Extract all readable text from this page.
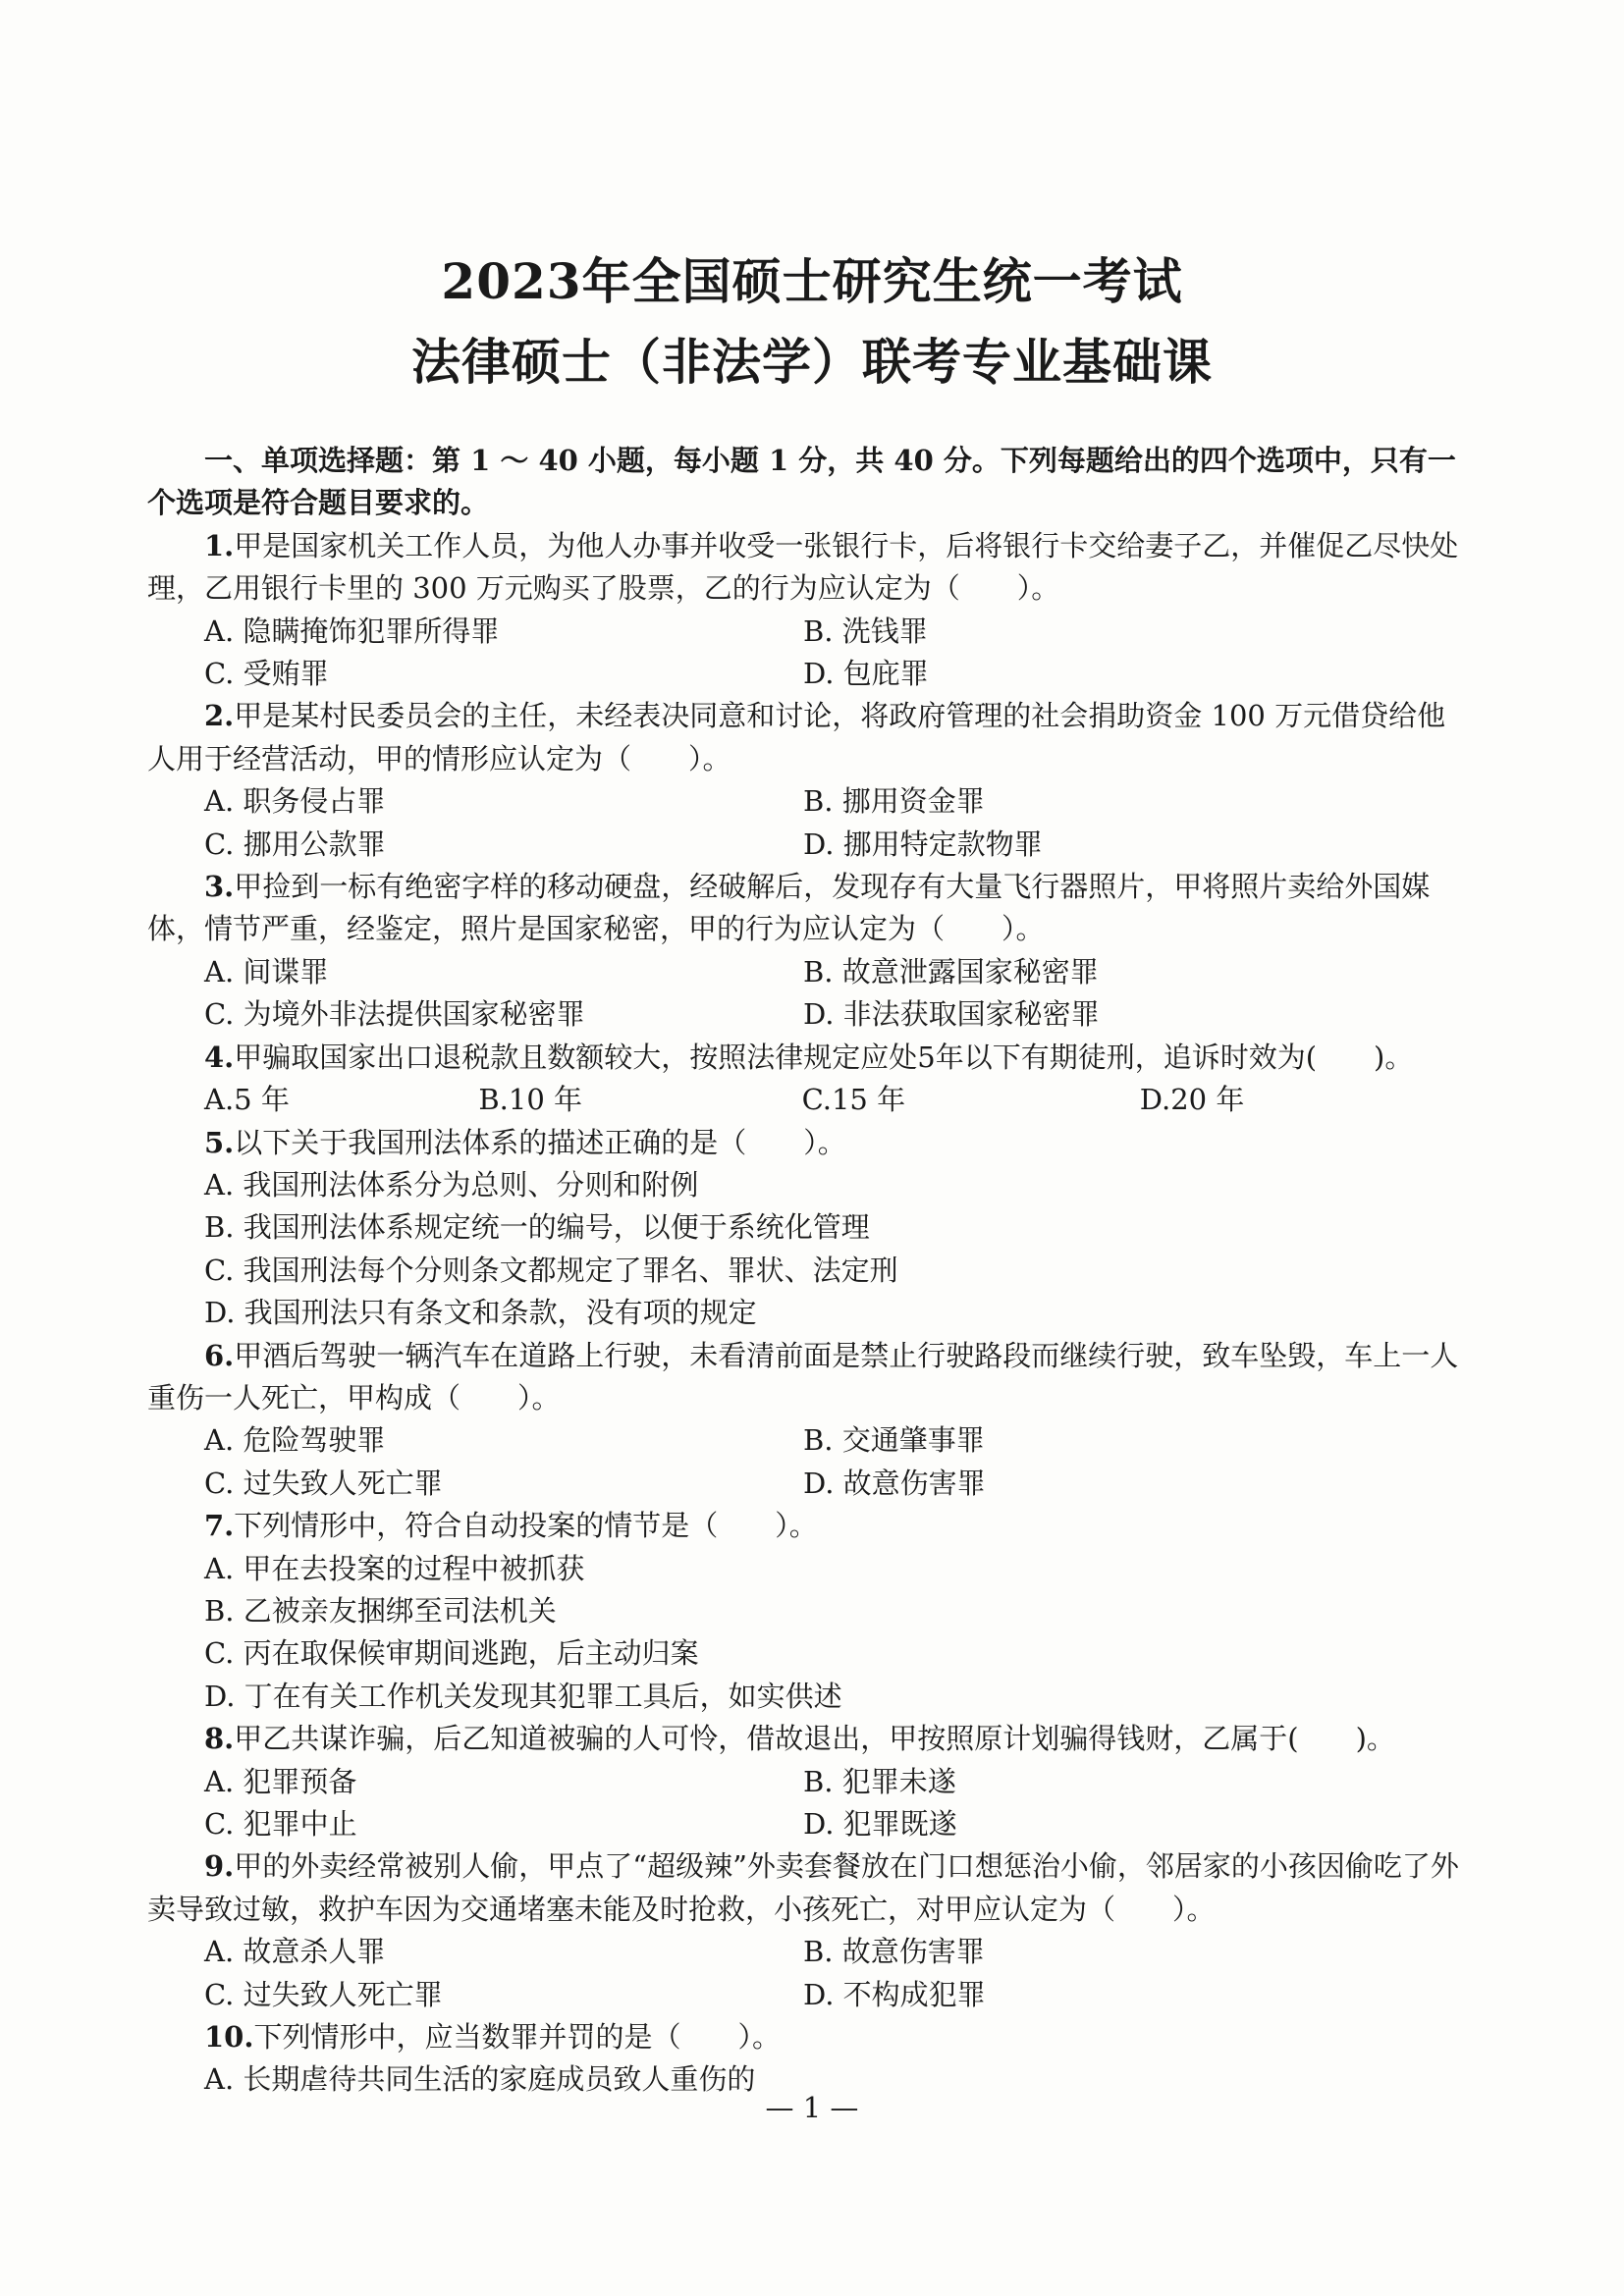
2023年全国硕士研究生统一考试

法律硕士（非法学）联考专业基础课

一、单项选择题：第 1 ～ 40 小题，每小题 1 分，共 40 分。下列每题给出的四个选项中，只有一个选项是符合题目要求的。

1.甲是国家机关工作人员，为他人办事并收受一张银行卡，后将银行卡交给妻子乙，并催促乙尽快处理，乙用银行卡里的 300 万元购买了股票，乙的行为应认定为（　　）。

A. 隐瞒掩饰犯罪所得罪	B. 洗钱罪
C. 受贿罪	D. 包庇罪

2.甲是某村民委员会的主任，未经表决同意和讨论，将政府管理的社会捐助资金 100 万元借贷给他人用于经营活动，甲的情形应认定为（　　）。

A. 职务侵占罪	B. 挪用资金罪
C. 挪用公款罪	D. 挪用特定款物罪

3.甲捡到一标有绝密字样的移动硬盘，经破解后，发现存有大量飞行器照片，甲将照片卖给外国媒体，情节严重，经鉴定，照片是国家秘密，甲的行为应认定为（　　）。

A. 间谍罪	B. 故意泄露国家秘密罪
C. 为境外非法提供国家秘密罪	D. 非法获取国家秘密罪

4.甲骗取国家出口退税款且数额较大，按照法律规定应处5年以下有期徒刑，追诉时效为(　　)。

A.5 年	B.10 年	C.15 年	D.20 年

5.以下关于我国刑法体系的描述正确的是（　　）。

A. 我国刑法体系分为总则、分则和附例

B. 我国刑法体系规定统一的编号，以便于系统化管理

C. 我国刑法每个分则条文都规定了罪名、罪状、法定刑

D. 我国刑法只有条文和条款，没有项的规定

6.甲酒后驾驶一辆汽车在道路上行驶，未看清前面是禁止行驶路段而继续行驶，致车坠毁，车上一人重伤一人死亡，甲构成（　　）。

A. 危险驾驶罪	B. 交通肇事罪
C. 过失致人死亡罪	D. 故意伤害罪

7.下列情形中，符合自动投案的情节是（　　）。

A. 甲在去投案的过程中被抓获

B. 乙被亲友捆绑至司法机关

C. 丙在取保候审期间逃跑，后主动归案

D. 丁在有关工作机关发现其犯罪工具后，如实供述

8.甲乙共谋诈骗，后乙知道被骗的人可怜，借故退出，甲按照原计划骗得钱财，乙属于(　　)。

A. 犯罪预备	B. 犯罪未遂
C. 犯罪中止	D. 犯罪既遂

9.甲的外卖经常被别人偷，甲点了“超级辣”外卖套餐放在门口想惩治小偷，邻居家的小孩因偷吃了外卖导致过敏，救护车因为交通堵塞未能及时抢救，小孩死亡，对甲应认定为（　　）。

A. 故意杀人罪	B. 故意伤害罪
C. 过失致人死亡罪	D. 不构成犯罪

10.下列情形中，应当数罪并罚的是（　　）。

A. 长期虐待共同生活的家庭成员致人重伤的

— 1 —
